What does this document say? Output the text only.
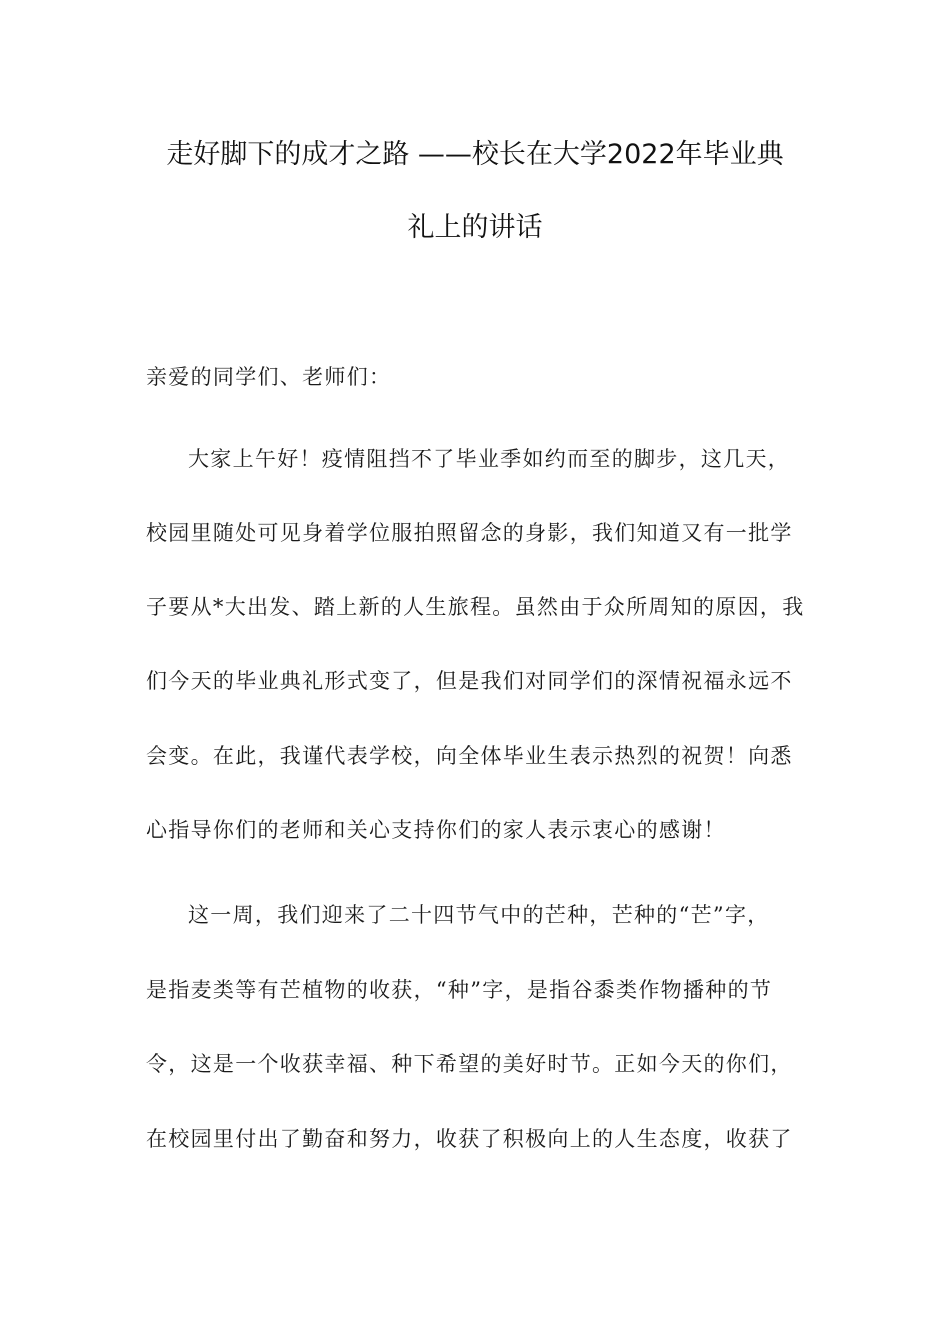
走好脚下的成才之路 ——校长在大学2022年毕业典
礼上的讲话
亲爱的同学们、老师们：
大家上午好！疫情阻挡不了毕业季如约而至的脚步，这几天，
校园里随处可见身着学位服拍照留念的身影，我们知道又有一批学
子要从*大出发、踏上新的人生旅程。虽然由于众所周知的原因，我
们今天的毕业典礼形式变了，但是我们对同学们的深情祝福永远不
会变。在此，我谨代表学校，向全体毕业生表示热烈的祝贺！向悉
心指导你们的老师和关心支持你们的家人表示衷心的感谢！
这一周，我们迎来了二十四节气中的芒种，芒种的“芒”字，
是指麦类等有芒植物的收获，“种”字，是指谷黍类作物播种的节
令，这是一个收获幸福、种下希望的美好时节。正如今天的你们，
在校园里付出了勤奋和努力，收获了积极向上的人生态度，收获了
